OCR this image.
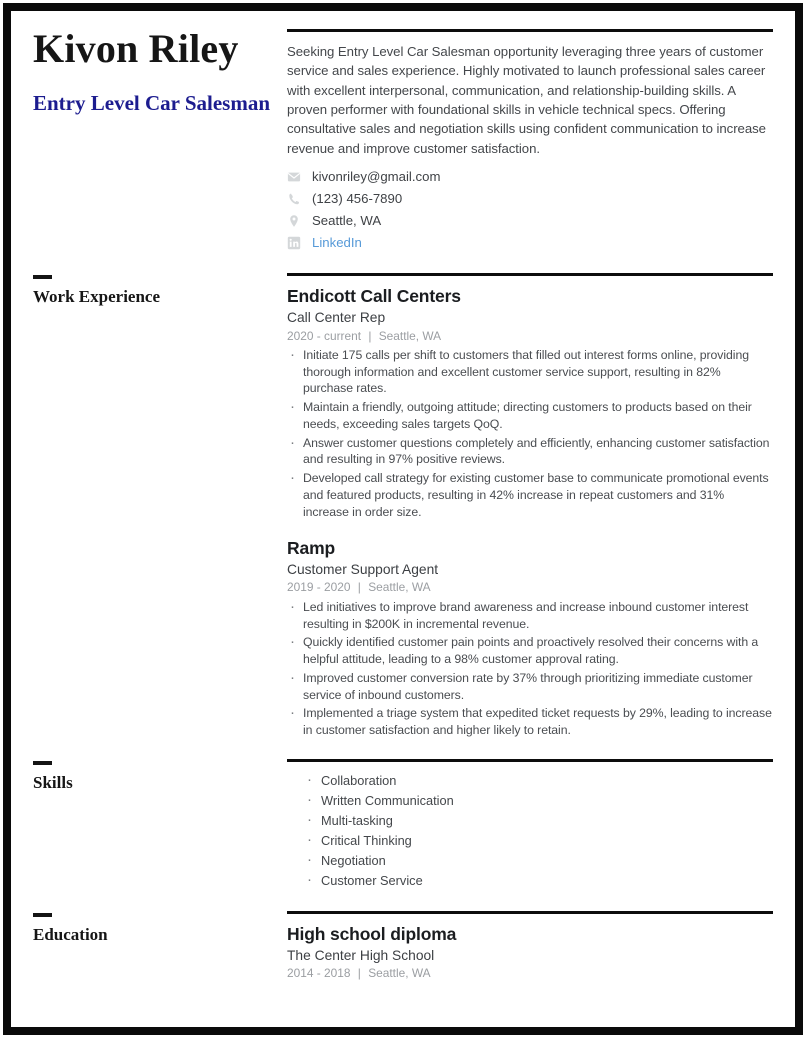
Kivon Riley
Entry Level Car Salesman

Seeking Entry Level Car Salesman opportunity leveraging three years of customer service and sales experience. Highly motivated to launch professional sales career with excellent interpersonal, communication, and relationship-building skills. A proven performer with foundational skills in vehicle technical specs. Offering consultative sales and negotiation skills using confident communication to increase revenue and improve customer satisfaction.

kivonriley@gmail.com
(123) 456-7890
Seattle, WA
LinkedIn
Work Experience	Endicott Call Centers
Call Center Rep
2020 - current | Seattle, WA
· Initiate 175 calls per shift to customers that filled out interest forms online, providing thorough information and excellent customer service support, resulting in 82% purchase rates.
· Maintain a friendly, outgoing attitude; directing customers to products based on their needs, exceeding sales targets QoQ.
· Answer customer questions completely and efficiently, enhancing customer satisfaction and resulting in 97% positive reviews.
· Developed call strategy for existing customer base to communicate promotional events and featured products, resulting in 42% increase in repeat customers and 31% increase in order size.
Ramp
Customer Support Agent
2019 - 2020 | Seattle, WA
· Led initiatives to improve brand awareness and increase inbound customer interest resulting in $200K in incremental revenue.
· Quickly identified customer pain points and proactively resolved their concerns with a helpful attitude, leading to a 98% customer approval rating.
· Improved customer conversion rate by 37% through prioritizing immediate customer service of inbound customers.
· Implemented a triage system that expedited ticket requests by 29%, leading to increase in customer satisfaction and higher likely to retain.
Skills	· Collaboration
· Written Communication
· Multi-tasking
· Critical Thinking
· Negotiation
· Customer Service
Education	High school diploma
The Center High School
2014 - 2018 | Seattle, WA
